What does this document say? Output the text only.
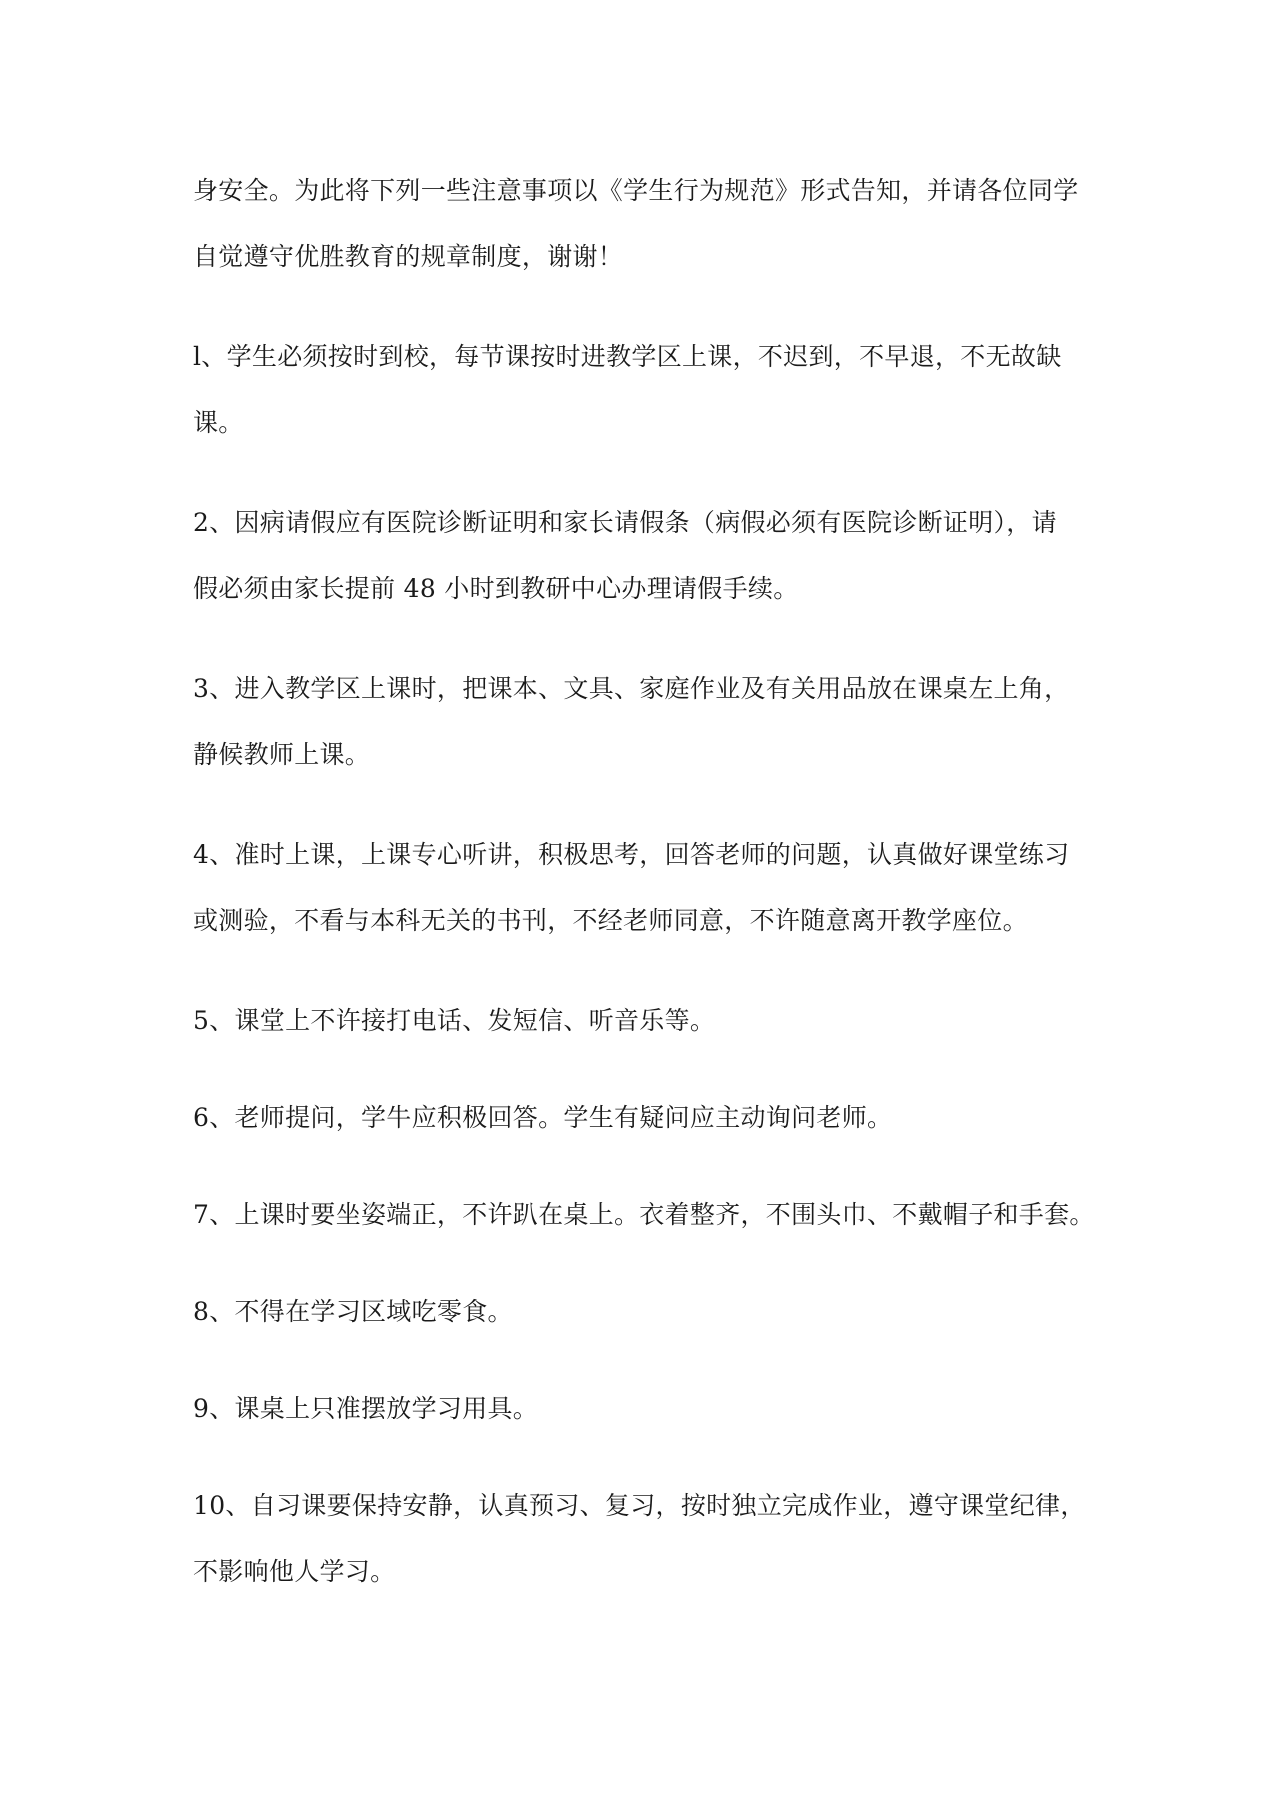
身安全。为此将下列一些注意事项以《学生行为规范》形式告知，并请各位同学
自觉遵守优胜教育的规章制度，谢谢！

l、学生必须按时到校，每节课按时进教学区上课，不迟到，不早退，不无故缺
课。

2、因病请假应有医院诊断证明和家长请假条（病假必须有医院诊断证明），请
假必须由家长提前 48 小时到教研中心办理请假手续。

3、进入教学区上课时，把课本、文具、家庭作业及有关用品放在课桌左上角，
静候教师上课。

4、准时上课，上课专心听讲，积极思考，回答老师的问题，认真做好课堂练习
或测验，不看与本科无关的书刊，不经老师同意，不许随意离开教学座位。

5、课堂上不许接打电话、发短信、听音乐等。

6、老师提问，学牛应积极回答。学生有疑问应主动询问老师。

7、上课时要坐姿端正，不许趴在桌上。衣着整齐，不围头巾、不戴帽子和手套。

8、不得在学习区域吃零食。

9、课桌上只准摆放学习用具。

10、自习课要保持安静，认真预习、复习，按时独立完成作业，遵守课堂纪律，
不影响他人学习。
